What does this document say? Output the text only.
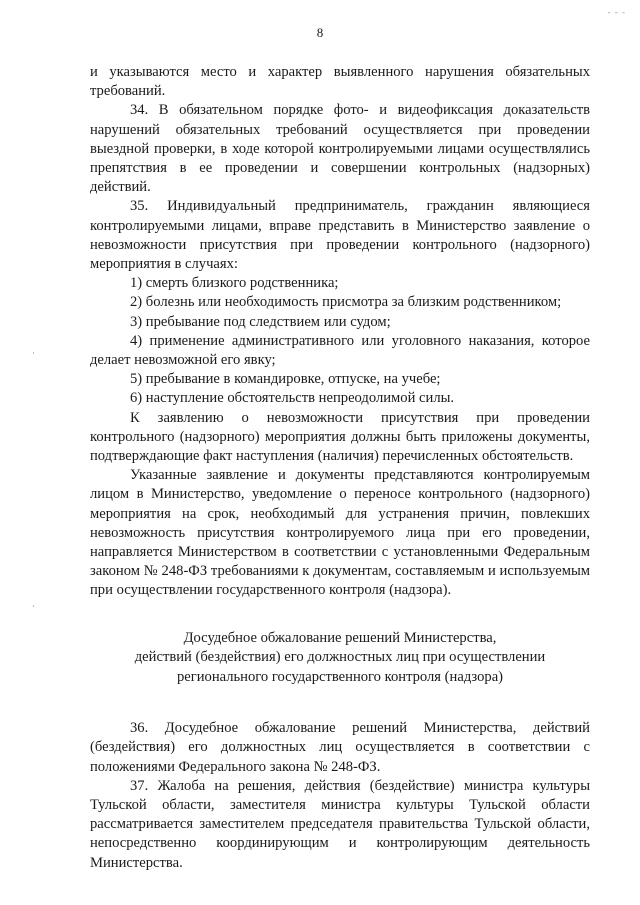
- - -
8

и указываются место и характер выявленного нарушения обязательных требований.

34. В обязательном порядке фото- и видеофиксация доказательств нарушений обязательных требований осуществляется при проведении выездной проверки, в ходе которой контролируемыми лицами осуществлялись препятствия в ее проведении и совершении контрольных (надзорных) действий.

35. Индивидуальный предприниматель, гражданин являющиеся контролируемыми лицами, вправе представить в Министерство заявление о невозможности присутствия при проведении контрольного (надзорного) мероприятия в случаях:

1) смерть близкого родственника;

2) болезнь или необходимость присмотра за близким родственником;

3) пребывание под следствием или судом;

4) применение административного или уголовного наказания, которое делает невозможной его явку;

5) пребывание в командировке, отпуске, на учебе;

6) наступление обстоятельств непреодолимой силы.

К заявлению о невозможности присутствия при проведении контрольного (надзорного) мероприятия должны быть приложены документы, подтверждающие факт наступления (наличия) перечисленных обстоятельств.

Указанные заявление и документы представляются контролируемым лицом в Министерство, уведомление о переносе контрольного (надзорного) мероприятия на срок, необходимый для устранения причин, повлекших невозможность присутствия контролируемого лица при его проведении, направляется Министерством в соответствии с установленными Федеральным законом № 248-ФЗ требованиями к документам, составляемым и используемым при осуществлении государственного контроля (надзора).

Досудебное обжалование решений Министерства,
действий (бездействия) его должностных лиц при осуществлении
регионального государственного контроля (надзора)

36. Досудебное обжалование решений Министерства, действий (бездействия) его должностных лиц осуществляется в соответствии с положениями Федерального закона № 248-ФЗ.

37. Жалоба на решения, действия (бездействие) министра культуры Тульской области, заместителя министра культуры Тульской области рассматривается заместителем председателя правительства Тульской области, непосредственно координирующим и контролирующим деятельность Министерства.
